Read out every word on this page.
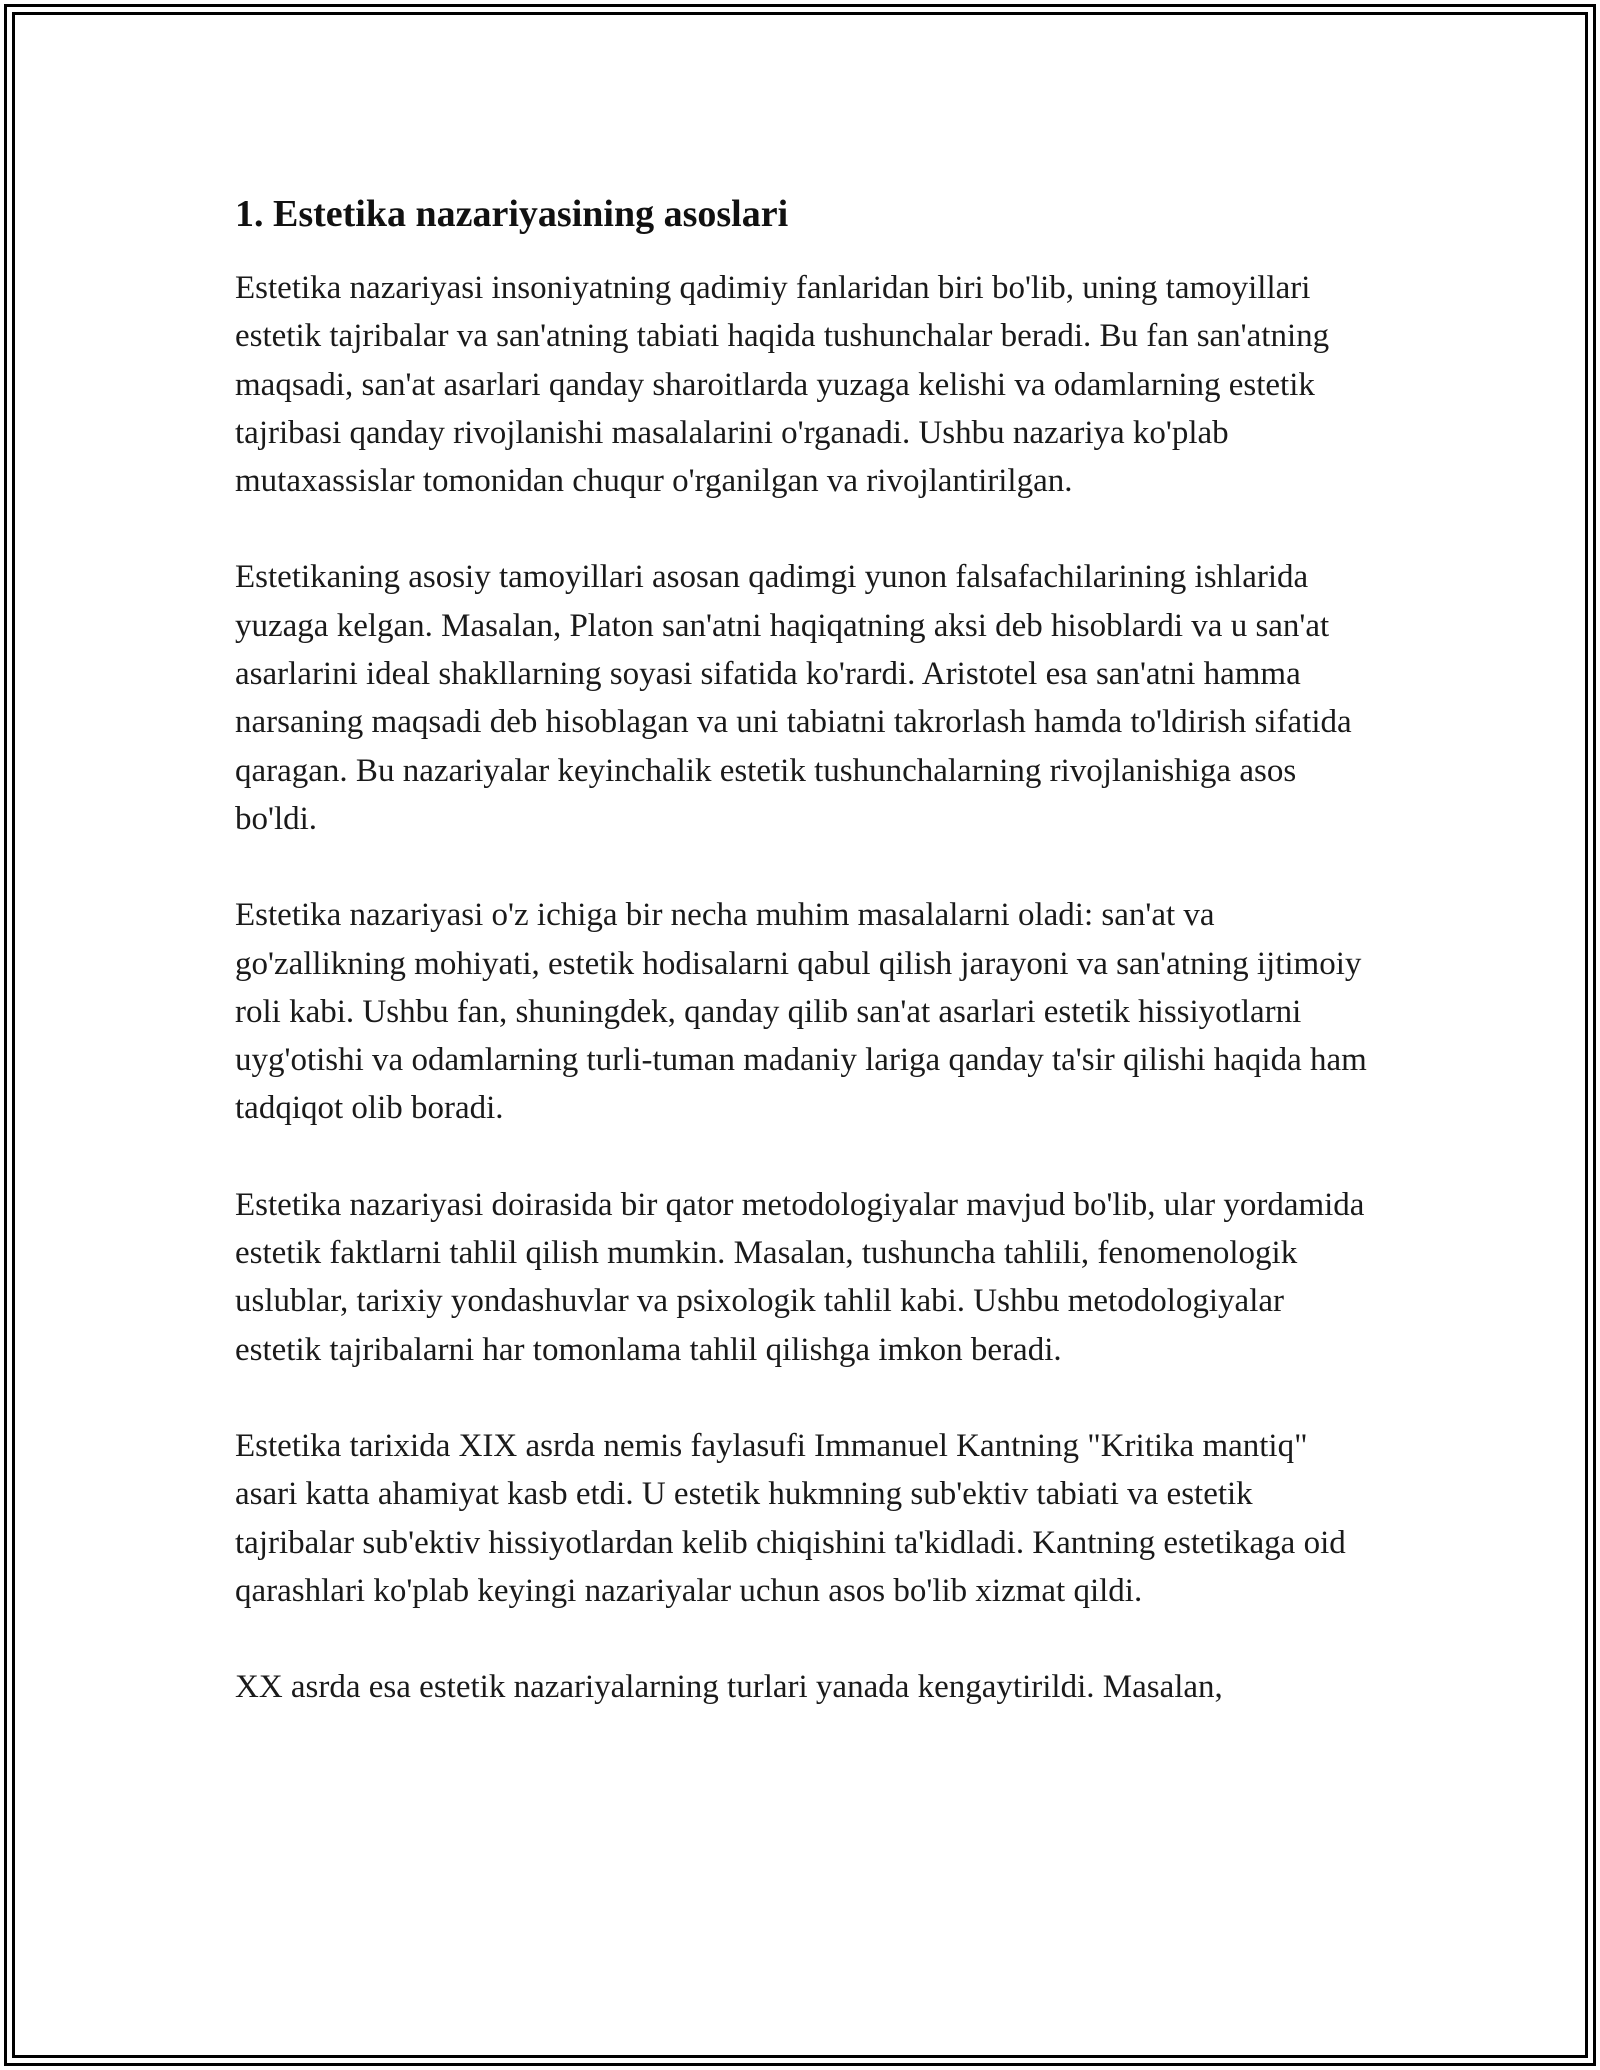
1. Estetika nazariyasining asoslari

Estetika nazariyasi insoniyatning qadimiy fanlaridan biri bo'lib, uning tamoyillari estetik tajribalar va san'atning tabiati haqida tushunchalar beradi. Bu fan san'atning maqsadi, san'at asarlari qanday sharoitlarda yuzaga kelishi va odamlarning estetik tajribasi qanday rivojlanishi masalalarini o'rganadi. Ushbu nazariya ko'plab mutaxassislar tomonidan chuqur o'rganilgan va rivojlantirilgan.

Estetikaning asosiy tamoyillari asosan qadimgi yunon falsafachilarining ishlarida yuzaga kelgan. Masalan, Platon san'atni haqiqatning aksi deb hisoblardi va u san'at asarlarini ideal shakllarning soyasi sifatida ko'rardi. Aristotel esa san'atni hamma narsaning maqsadi deb hisoblagan va uni tabiatni takrorlash hamda to'ldirish sifatida qaragan. Bu nazariyalar keyinchalik estetik tushunchalarning rivojlanishiga asos bo'ldi.

Estetika nazariyasi o'z ichiga bir necha muhim masalalarni oladi: san'at va go'zallikning mohiyati, estetik hodisalarni qabul qilish jarayoni va san'atning ijtimoiy roli kabi. Ushbu fan, shuningdek, qanday qilib san'at asarlari estetik hissiyotlarni uyg'otishi va odamlarning turli-tuman madaniy lariga qanday ta'sir qilishi haqida ham tadqiqot olib boradi.

Estetika nazariyasi doirasida bir qator metodologiyalar mavjud bo'lib, ular yordamida estetik faktlarni tahlil qilish mumkin. Masalan, tushuncha tahlili, fenomenologik uslublar, tarixiy yondashuvlar va psixologik tahlil kabi. Ushbu metodologiyalar estetik tajribalarni har tomonlama tahlil qilishga imkon beradi.

Estetika tarixida XIX asrda nemis faylasufi Immanuel Kantning "Kritika mantiq" asari katta ahamiyat kasb etdi. U estetik hukmning sub'ektiv tabiati va estetik tajribalar sub'ektiv hissiyotlardan kelib chiqishini ta'kidladi. Kantning estetikaga oid qarashlari ko'plab keyingi nazariyalar uchun asos bo'lib xizmat qildi.

XX asrda esa estetik nazariyalarning turlari yanada kengaytirildi. Masalan,
